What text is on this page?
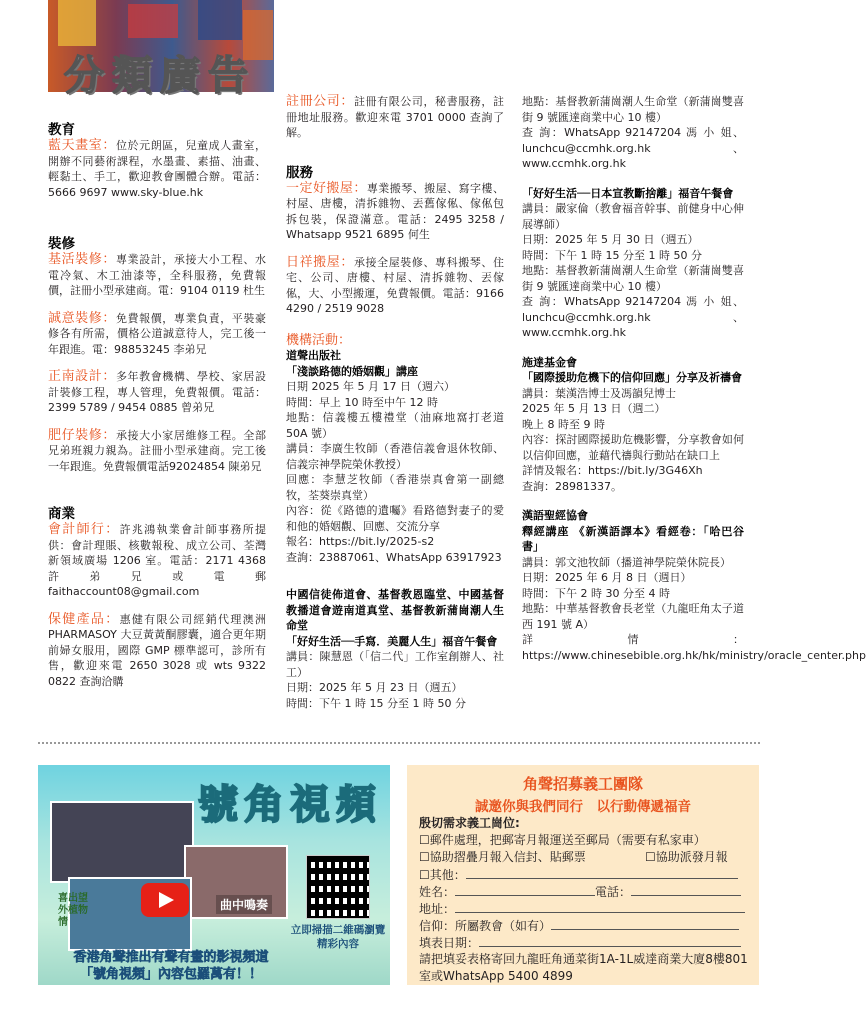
分類廣告

教育

藍天畫室：位於元朗區，兒童成人畫室，開辦不同藝術課程，水墨畫、素描、油畫、輕黏土、手工，歡迎教會團體合辦。電話：5666 9697 www.sky-blue.hk

裝修

基活裝修：專業設計，承接大小工程、水電冷氣、木工油漆等，全科服務，免費報價，註冊小型承建商。電：9104 0119 杜生

誠意裝修：免費報價，專業負責，平裝豪修各有所需，價格公道誠意待人，完工後一年跟進。電：98853245 李弟兄

正南設計：多年教會機構、學校、家居設計裝修工程，專人管理，免費報價。電話：2399 5789 / 9454 0885 曾弟兄

肥仔裝修：承接大小家居維修工程。全部兄弟班親力親為。註冊小型承建商。完工後一年跟進。免費報價電話92024854 陳弟兄

商業

會計師行：許兆鴻執業會計師事務所提供：會計理賬、核數報稅、成立公司、荃灣新領域廣場 1206 室。電話：2171 4368 許弟兄或電郵 faithaccount08@gmail.com

保健產品：惠健有限公司經銷代理澳洲 PHARMASOY 大豆黃黃酮膠囊，適合更年期前婦女服用，國際 GMP 標準認可，診所有售，歡迎來電 2650 3028 或 wts 9322 0822 查詢洽購

註冊公司：註冊有限公司，秘書服務，註冊地址服務。歡迎來電 3701 0000 查詢了解。

服務

一定好搬屋：專業搬琴、搬屋、寫字樓、村屋、唐樓，清拆雜物、丟舊傢俬、傢俬包拆包裝，保證滿意。電話：2495 3258 / Whatsapp 9521 6895 何生

日祥搬屋：承接全屋裝修、專科搬琴、住宅、公司、唐樓、村屋、清拆雜物、丟傢俬，大、小型搬運，免費報價。電話：9166 4290 / 2519 9028

機構活動：

道聲出版社

「淺談路德的婚姻觀」講座

日期 2025 年 5 月 17 日（週六）

時間：早上 10 時至中午 12 時

地點：信義樓五樓禮堂（油麻地窩打老道 50A 號）

講員：李廣生牧師（香港信義會退休牧師、信義宗神學院榮休教授）

回應：李慧芝牧師（香港崇真會第一副總牧，荃葵崇真堂）

內容：從《路德的遺囑》看路德對妻子的愛和他的婚姻觀、回應、交流分享

報名：https://bit.ly/2025-s2

查詢：23887061、WhatsApp 63917923

中國信徒佈道會、基督教恩臨堂、中國基督教播道會遊南道真堂、基督教新蒲崗潮人生命堂

「好好生活──手寫．美麗人生」福音午餐會

講員：陳慧恩（「信二代」工作室創辦人、社工）

日期：2025 年 5 月 23 日（週五）

時間：下午 1 時 15 分至 1 時 50 分

地點：基督教新蒲崗潮人生命堂（新蒲崗雙喜街 9 號匯達商業中心 10 樓）

查 詢：WhatsApp 92147204 馮 小 姐、lunchcu@ccmhk.org.hk、www.ccmhk.org.hk

「好好生活──日本宣教斷捨離」福音午餐會

講員：嚴家倫（教會福音幹事、前健身中心伸展導師）

日期：2025 年 5 月 30 日（週五）

時間：下午 1 時 15 分至 1 時 50 分

地點：基督教新蒲崗潮人生命堂（新蒲崗雙喜街 9 號匯達商業中心 10 樓）

查 詢：WhatsApp 92147204 馮 小 姐、lunchcu@ccmhk.org.hk、www.ccmhk.org.hk

施達基金會

「國際援助危機下的信仰回應」分享及祈禱會

講員：葉漢浩博士及馮韻兒博士

2025 年 5 月 13 日（週二）

晚上 8 時至 9 時

內容：探討國際援助危機影響，分享教會如何以信仰回應，並藉代禱與行動站在缺口上

詳情及報名：https://bit.ly/3G46Xh

查詢：28981337。

漢語聖經協會

釋經講座 《新漢語譯本》看經卷：「哈巴谷書」

講員：郭文池牧師（播道神學院榮休院長）

日期：2025 年 6 月 8 日（週日）

時間：下午 2 時 30 分至 4 時

地點：中華基督教會長老堂（九龍旺角太子道西 191 號 A）

詳情：https://www.chinesebible.org.hk/hk/ministry/oracle_center.php

號角視頻
喜出望外植物情
曲中鳴奏
立即掃描二維碼瀏覽精彩內容
香港角聲推出有聲有畫的影視頻道
「號角視頻」內容包羅萬有！！
角聲招募義工團隊
誠邀你與我們同行　以行動傳遞福音
殷切需求義工崗位:
☐郵件處理，把郵寄月報運送至郵局（需要有私家車）
☐協助摺疊月報入信封、貼郵票	☐協助派發月報
☐其他：
姓名：	電話：
地址：
信仰：所屬教會（如有）
填表日期：
請把填妥表格寄回九龍旺角通菜街1A-1L威達商業大廈8樓801室或WhatsApp 5400 4899
